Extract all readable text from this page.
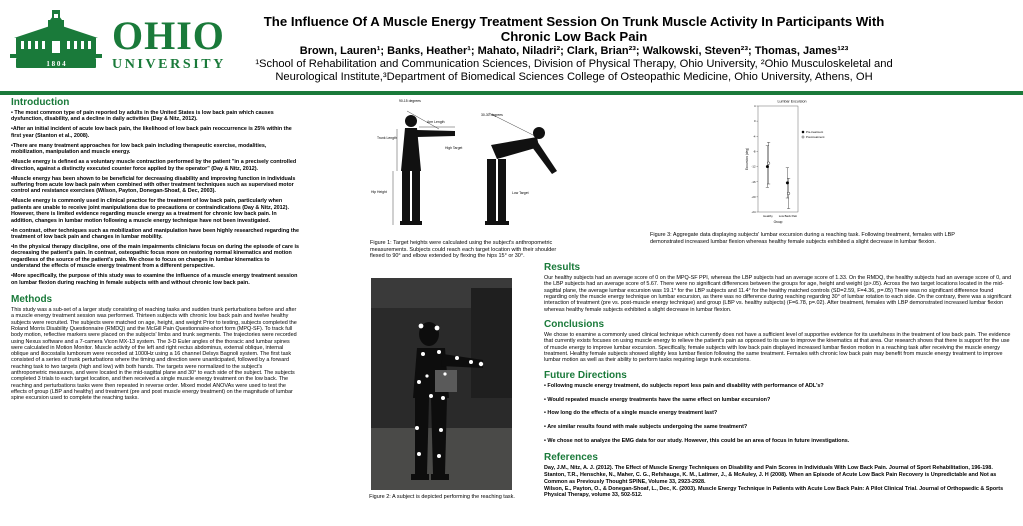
1 8 0 4
OHIO
UNIVERSITY

The Influence Of A Muscle Energy Treatment Session On Trunk Muscle Activity In Participants With Chronic Low Back Pain

Brown, Lauren¹; Banks, Heather¹; Mahato, Niladri²; Clark, Brian²³; Walkowski, Steven²³; Thomas, James¹²³

¹School of Rehabilitation and Communication Sciences, Division of Physical Therapy, Ohio University, ²Ohio Musculoskeletal and Neurological Institute,³Department of Biomedical Sciences College of Osteopathic Medicine, Ohio University, Athens, OH

Introduction

• The most common type of pain reported by adults in the United States is low back pain which causes dysfunction, disability, and a decline in daily activities (Day & Nitz, 2012).

•After an initial incident of acute low back pain, the likelihood of low back pain reoccurrence is 25% within the first year (Stanton et al., 2008).

•There are many treatment approaches for low back pain including therapeutic exercise, modalities, mobilization, manipulation and muscle energy.

•Muscle energy is defined as a voluntary muscle contraction performed by the patient "in a precisely controlled direction, against a distinctly executed counter force applied by the operator" (Day & Nitz, 2012).

•Muscle energy has been shown to be beneficial for decreasing disability and improving function in individuals suffering from acute low back pain when combined with other treatment techniques such as supervised motor control and resistance exercises (Wilson, Payton, Donegan-Shoaf, & Dec, 2003).

•Muscle energy is commonly used in clinical practice for the treatment of low back pain, particularly when patients are unable to receive joint manipulations due to precautions or contraindications (Day & Nitz, 2012). However, there is limited evidence regarding muscle energy as a treatment for chronic low back pain. In addition, changes in lumbar motion following a muscle energy technique have not been investigated.

•In contrast, other techniques such as mobilization and manipulation have been highly researched regarding the treatment of low back pain and changes in lumbar mobility.

•In the physical therapy discipline, one of the main impairments clinicians focus on during the episode of care is decreasing the patient's pain. In contrast, osteopathic focus more on restoring normal kinematics and motion regardless of the source of the patient's pain. We chose to focus on changes in lumbar kinematics to understand the effects of muscle energy treatment from a different perspective.

•More specifically, the purpose of this study was to examine the influence of a muscle energy treatment session on lumbar flexion during reaching in female subjects with and without chronic low back pain.

Methods

This study was a sub-set of a larger study consisting of reaching tasks and sudden trunk perturbations before and after a muscle energy treatment session was performed. Thirteen subjects with chronic low back pain and twelve healthy subjects were recruited. The subjects were matched on age, height, and weight Prior to testing, subjects completed the Roland Morris Disability Questionnaire (RMDQ) and the McGill Pain Questionnaire-short form (MPQ-SF). To track full body motion, reflective markers were placed on the subjects' limbs and trunk segments. The trajectories were recorded using Nexus software and a 7-camera Vicon MX-13 system. The 3-D Euler angles of the thoracic and lumbar spines were calculated in Motion Monitor. Muscle activity of the left and right rectus abdominus, external oblique, internal oblique and iliocostalis lumborum were recorded at 1000Hz using a 16 channel Delsys Bagnoli system. The first task consisted of a series of trunk perturbations where the timing and direction were unanticipated, followed by a forward reaching task to two targets (high and low) with both hands. The targets were normalized to the subject's anthropometric measures, and were located in the mid-sagittal plane and 30° to each side of the subject. The subjects completed 3 trials to each target location, and then received a single muscle energy treatment on the low back. The reaching and perturbations tasks were then repeated in reverse order. Mixed model ANOVAs were used to test the effects of group (LBP and healthy) and treatment (pre and post muscle energy treatment) on the magnitude of lumbar spine excursion used to complete the reaching tasks.

90-15 degrees
Trunk Length
Arm Length
High Target
Hip Height
30-30 degrees
Low Target

Figure 1: Target heights were calculated using the subject's anthropometric measurements. Subjects could reach each target location with their shoulder flexed to 90° and elbow extended by flexing the hips 15° or 30°.

Lumbar Excursion
4
0
-4
-8
-12
-16
-20
-24
Healthy Low Back Pain
Group
Excursion (deg)
Pre-treatment
Post-treatment

Figure 3: Aggregate data displaying subjects' lumbar excursion during a reaching task. Following treatment, females with LBP demonstrated increased lumbar flexion whereas healthy female subjects exhibited a slight decrease in lumbar flexion.

Figure 2: A subject is depicted performing the reaching task.

Results

Our healthy subjects had an average score of 0 on the MPQ-SF PPI, whereas the LBP subjects had an average score of 1.33. On the RMDQ, the healthy subjects had an average score of 0, and the LBP subjects had an average score of 5.67. There were no significant differences between the groups for age, height and weight (p>.05). Across the two target locations located in the mid-sagittal plane, the average lumbar excursion was 19.1° for the LBP subjects and 11.4° for the healthy matched controls (SD=2.59, F=4.36, p=.05) There was no significant difference found regarding only the muscle energy technique on lumbar excursion, as there was no difference during reaching regarding 30° of lumbar rotation to each side. On the contrary, there was a significant interaction of treatment (pre vs. post-muscle energy technique) and group (LBP vs. healthy subjects) (F=6.78, p=.02). After treatment, females with LBP demonstrated increased lumbar flexion whereas healthy female subjects exhibited a slight decrease in lumbar flexion.

Conclusions

We chose to examine a commonly used clinical technique which currently does not have a sufficient level of supportive evidence for its usefulness in the treatment of low back pain. The evidence that currently exists focuses on using muscle energy to relieve the patient's pain as opposed to its use to improve the kinematics at that area. Our research shows that there is support for the use of muscle energy to improve lumbar excursion. Specifically, female subjects with low back pain displayed increased lumbar flexion motion in a reaching task after receiving the muscle energy treatment. Healthy female subjects showed slightly less lumbar flexion following the same treatment. Females with chronic low back pain may benefit from muscle energy treatment to improve lumbar motion as well as their ability to perform tasks requiring large trunk excursions.

Future Directions

• Following muscle energy treatment, do subjects report less pain and disability with performance of ADL's?

• Would repeated muscle energy treatments have the same effect on lumbar excursion?

• How long do the effects of a single muscle energy treatment last?

• Are similar results found with male subjects undergoing the same treatment?

• We chose not to analyze the EMG data for our study. However, this could be an area of focus in future investigations.

References

Day, J.M., Nitz, A. J. (2012). The Effect of Muscle Energy Techniques on Disability and Pain Scores in Individuals With Low Back Pain. Journal of Sport Rehabilitation, 196-198.

Stanton, T.R., Henschke, N., Maher, C. G., Refshauge, K. M., Latimer, J., & McAuley, J. H (2008). When an Episode of Acute Low Back Pain Recovery is Unpredictable and Not as Common as Previously Thought SPINE, Volume 33, 2923-2928.

Wilson, E., Payton, O., & Donegan-Shoaf, L., Dec, K. (2003). Muscle Energy Technique in Patients with Acute Low Back Pain: A Pilot Clinical Trial. Journal of Orthopaedic & Sports Physical Therapy, volume 33, 502-512.
